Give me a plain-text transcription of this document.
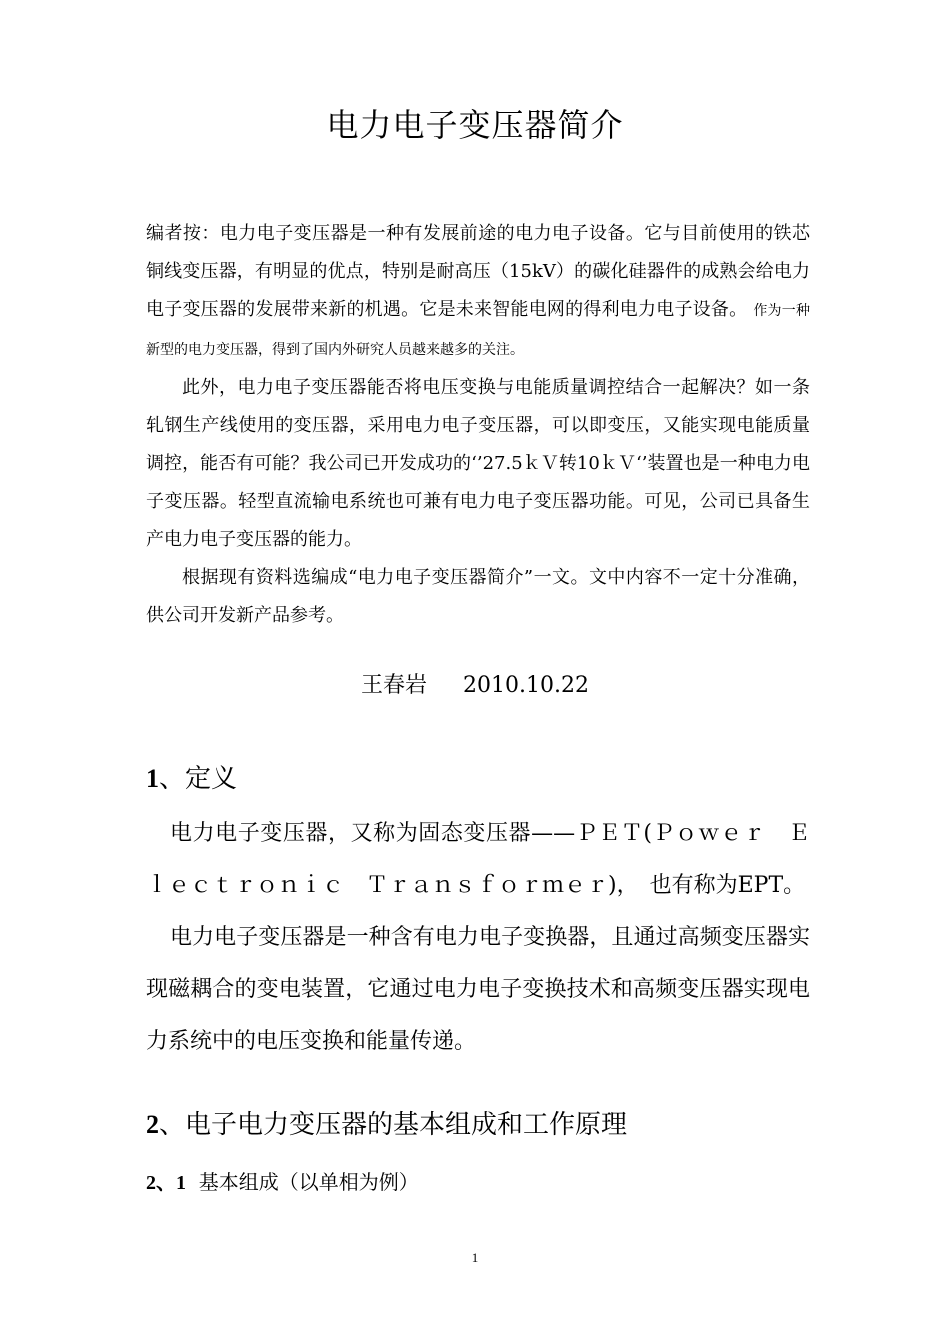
电力电子变压器简介

编者按：电力电子变压器是一种有发展前途的电力电子设备。它与目前使用的铁芯铜线变压器，有明显的优点，特别是耐高压（15kV）的碳化硅器件的成熟会给电力电子变压器的发展带来新的机遇。它是未来智能电网的得利电力电子设备。 作为一种新型的电力变压器，得到了国内外研究人员越来越多的关注。

此外，电力电子变压器能否将电压变换与电能质量调控结合一起解决？如一条轧钢生产线使用的变压器，采用电力电子变压器，可以即变压，又能实现电能质量调控，能否有可能？我公司已开发成功的‘’27.5ｋＶ转10ｋＶ‘’装置也是一种电力电子变压器。轻型直流输电系统也可兼有电力电子变压器功能。可见，公司已具备生产电力电子变压器的能力。

根据现有资料选编成“电力电子变压器简介”一文。文中内容不一定十分准确，供公司开发新产品参考。

王春岩 2010.10.22
1、定义

电力电子变压器，又称为固态变压器——ＰＥＴ(Ｐｏｗｅｒ　Ｅｌｅｃｔｒｏｎｉｃ　Ｔｒａｎｓｆｏｒｍｅｒ)，　也有称为EPT。

电力电子变压器是一种含有电力电子变换器，且通过高频变压器实现磁耦合的变电装置，它通过电力电子变换技术和高频变压器实现电力系统中的电压变换和能量传递。

2、电子电力变压器的基本组成和工作原理
2、1 基本组成（以单相为例）
1
